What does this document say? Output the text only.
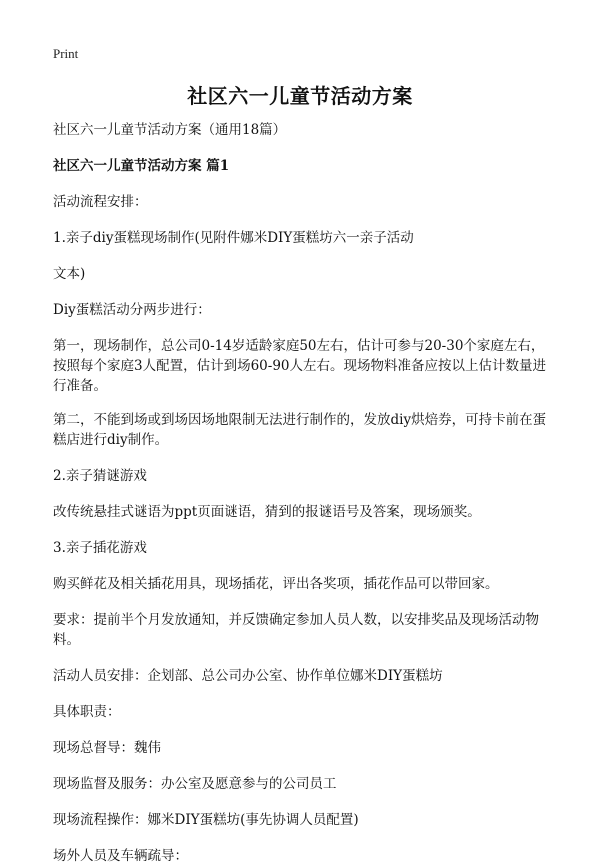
Print
社区六一儿童节活动方案

社区六一儿童节活动方案（通用18篇）

社区六一儿童节活动方案 篇1

活动流程安排：

1.亲子diy蛋糕现场制作(见附件娜米DIY蛋糕坊六一亲子活动

文本)

Diy蛋糕活动分两步进行：

第一，现场制作，总公司0-14岁适龄家庭50左右，估计可参与20-30个家庭左右，按照每个家庭3人配置，估计到场60-90人左右。现场物料准备应按以上估计数量进行准备。

第二，不能到场或到场因场地限制无法进行制作的，发放diy烘焙券，可持卡前在蛋糕店进行diy制作。

2.亲子猜谜游戏

改传统悬挂式谜语为ppt页面谜语，猜到的报谜语号及答案，现场颁奖。

3.亲子插花游戏

购买鲜花及相关插花用具，现场插花，评出各奖项，插花作品可以带回家。

要求：提前半个月发放通知，并反馈确定参加人员人数，以安排奖品及现场活动物料。

活动人员安排：企划部、总公司办公室、协作单位娜米DIY蛋糕坊

具体职责：

现场总督导：魏伟

现场监督及服务：办公室及愿意参与的公司员工

现场流程操作：娜米DIY蛋糕坊(事先协调人员配置)

场外人员及车辆疏导：
